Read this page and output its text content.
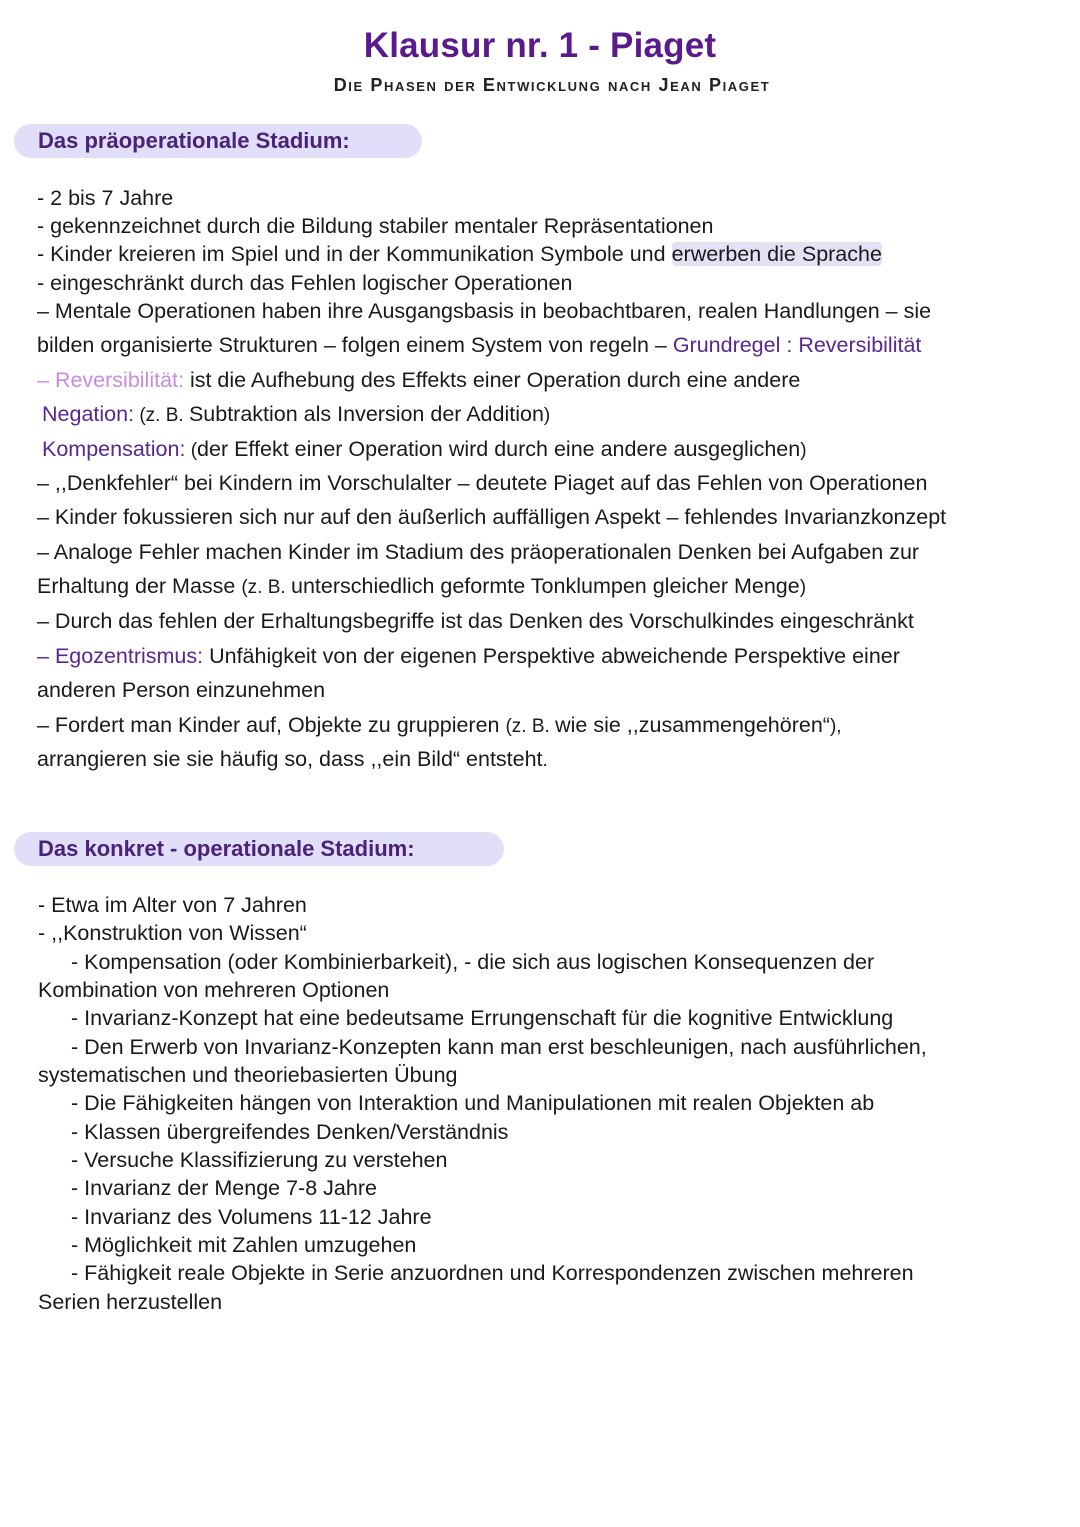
Klausur nr. 1 - Piaget
Die Phasen der Entwicklung nach Jean Piaget
Das präoperationale Stadium:
- 2 bis 7 Jahre
- gekennzeichnet durch die Bildung stabiler mentaler Repräsentationen
- Kinder kreieren im Spiel und in der Kommunikation Symbole und erwerben die Sprache
- eingeschränkt durch das Fehlen logischer Operationen
– Mentale Operationen haben ihre Ausgangsbasis in beobachtbaren, realen Handlungen – sie
bilden organisierte Strukturen – folgen einem System von regeln – Grundregel : Reversibilität
– Reversibilität: ist die Aufhebung des Effekts einer Operation durch eine andere
Negation: (z. B. Subtraktion als Inversion der Addition)
Kompensation: (der Effekt einer Operation wird durch eine andere ausgeglichen)
– ,,Denkfehler“ bei Kindern im Vorschulalter – deutete Piaget auf das Fehlen von Operationen
– Kinder fokussieren sich nur auf den äußerlich auffälligen Aspekt – fehlendes Invarianzkonzept
– Analoge Fehler machen Kinder im Stadium des präoperationalen Denken bei Aufgaben zur
Erhaltung der Masse (z. B. unterschiedlich geformte Tonklumpen gleicher Menge)
– Durch das fehlen der Erhaltungsbegriffe ist das Denken des Vorschulkindes eingeschränkt
– Egozentrismus: Unfähigkeit von der eigenen Perspektive abweichende Perspektive einer
anderen Person einzunehmen
– Fordert man Kinder auf, Objekte zu gruppieren (z. B. wie sie ,,zusammengehören“),
arrangieren sie sie häufig so, dass ,,ein Bild“ entsteht.
Das konkret - operationale Stadium:
- Etwa im Alter von 7 Jahren
- ,,Konstruktion von Wissen“
- Kompensation (oder Kombinierbarkeit), - die sich aus logischen Konsequenzen der
Kombination von mehreren Optionen
- Invarianz-Konzept hat eine bedeutsame Errungenschaft für die kognitive Entwicklung
- Den Erwerb von Invarianz-Konzepten kann man erst beschleunigen, nach ausführlichen,
systematischen und theoriebasierten Übung
- Die Fähigkeiten hängen von Interaktion und Manipulationen mit realen Objekten ab
- Klassen übergreifendes Denken/Verständnis
- Versuche Klassifizierung zu verstehen
- Invarianz der Menge 7-8 Jahre
- Invarianz des Volumens 11-12 Jahre
- Möglichkeit mit Zahlen umzugehen
- Fähigkeit reale Objekte in Serie anzuordnen und Korrespondenzen zwischen mehreren
Serien herzustellen
